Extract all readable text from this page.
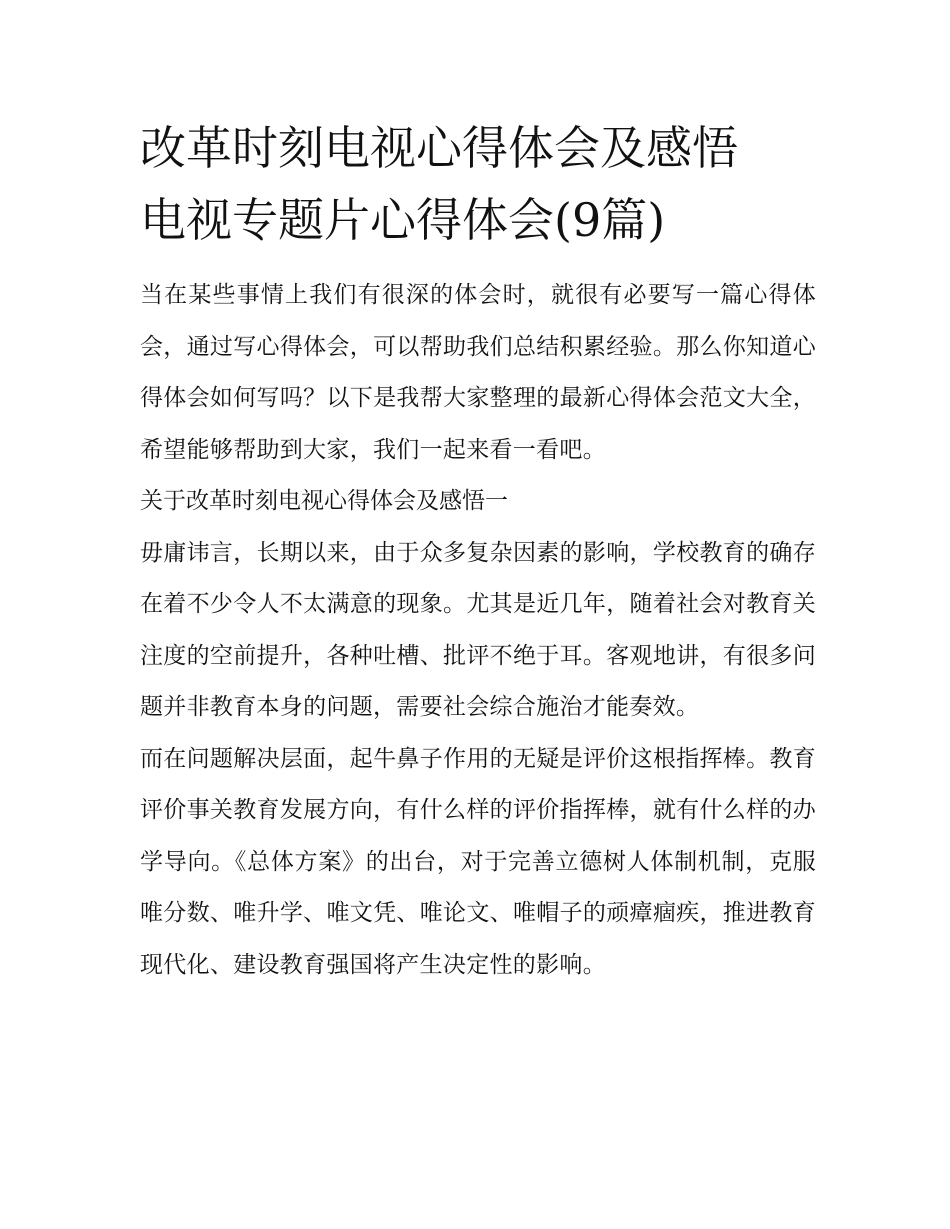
改革时刻电视心得体会及感悟
电视专题片心得体会(9篇)

当在某些事情上我们有很深的体会时，就很有必要写一篇心得体会，通过写心得体会，可以帮助我们总结积累经验。那么你知道心得体会如何写吗？以下是我帮大家整理的最新心得体会范文大全，希望能够帮助到大家，我们一起来看一看吧。

关于改革时刻电视心得体会及感悟一

毋庸讳言，长期以来，由于众多复杂因素的影响，学校教育的确存在着不少令人不太满意的现象。尤其是近几年，随着社会对教育关注度的空前提升，各种吐槽、批评不绝于耳。客观地讲，有很多问题并非教育本身的问题，需要社会综合施治才能奏效。

而在问题解决层面，起牛鼻子作用的无疑是评价这根指挥棒。教育评价事关教育发展方向，有什么样的评价指挥棒，就有什么样的办学导向。《总体方案》的出台，对于完善立德树人体制机制，克服唯分数、唯升学、唯文凭、唯论文、唯帽子的顽瘴痼疾，推进教育现代化、建设教育强国将产生决定性的影响。
